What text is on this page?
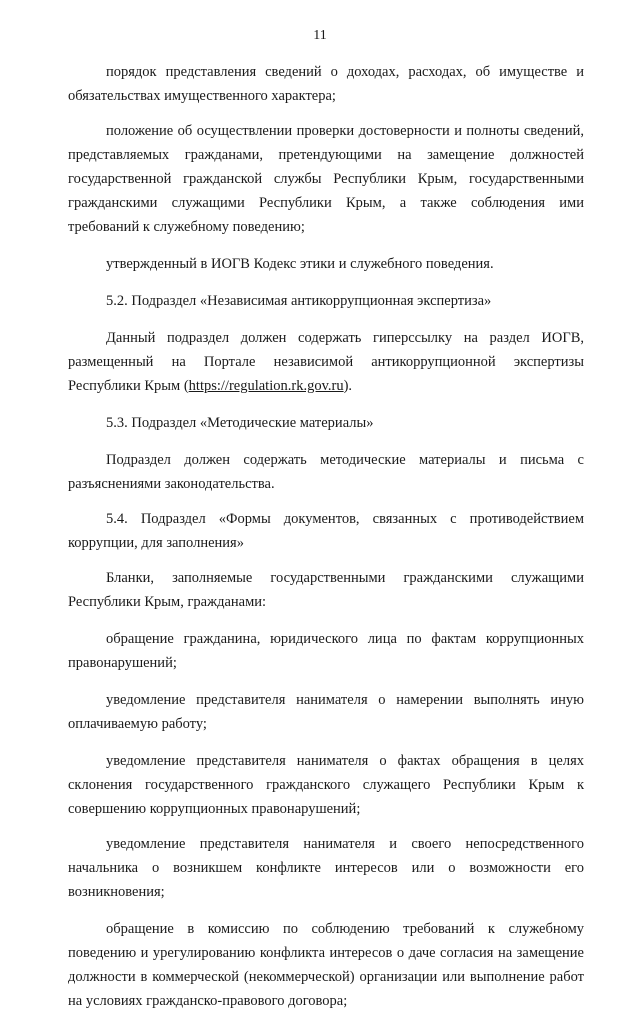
11

порядок представления сведений о доходах, расходах, об имуществе и обязательствах имущественного характера;

положение об осуществлении проверки достоверности и полноты сведений, представляемых гражданами, претендующими на замещение должностей государственной гражданской службы Республики Крым, государственными гражданскими служащими Республики Крым, а также соблюдения ими требований к служебному поведению;

утвержденный в ИОГВ Кодекс этики и служебного поведения.

5.2. Подраздел «Независимая антикоррупционная экспертиза»

Данный подраздел должен содержать гиперссылку на раздел ИОГВ, размещенный на Портале независимой антикоррупционной экспертизы Республики Крым (https://regulation.rk.gov.ru).

5.3. Подраздел «Методические материалы»

Подраздел должен содержать методические материалы и письма с разъяснениями законодательства.

5.4. Подраздел «Формы документов, связанных с противодействием коррупции, для заполнения»

Бланки, заполняемые государственными гражданскими служащими Республики Крым, гражданами:

обращение гражданина, юридического лица по фактам коррупционных правонарушений;

уведомление представителя нанимателя о намерении выполнять иную оплачиваемую работу;

уведомление представителя нанимателя о фактах обращения в целях склонения государственного гражданского служащего Республики Крым к совершению коррупционных правонарушений;

уведомление представителя нанимателя и своего непосредственного начальника о возникшем конфликте интересов или о возможности его возникновения;

обращение в комиссию по соблюдению требований к служебному поведению и урегулированию конфликта интересов о даче согласия на замещение должности в коммерческой (некоммерческой) организации или выполнение работ на условиях гражданско-правового договора;
